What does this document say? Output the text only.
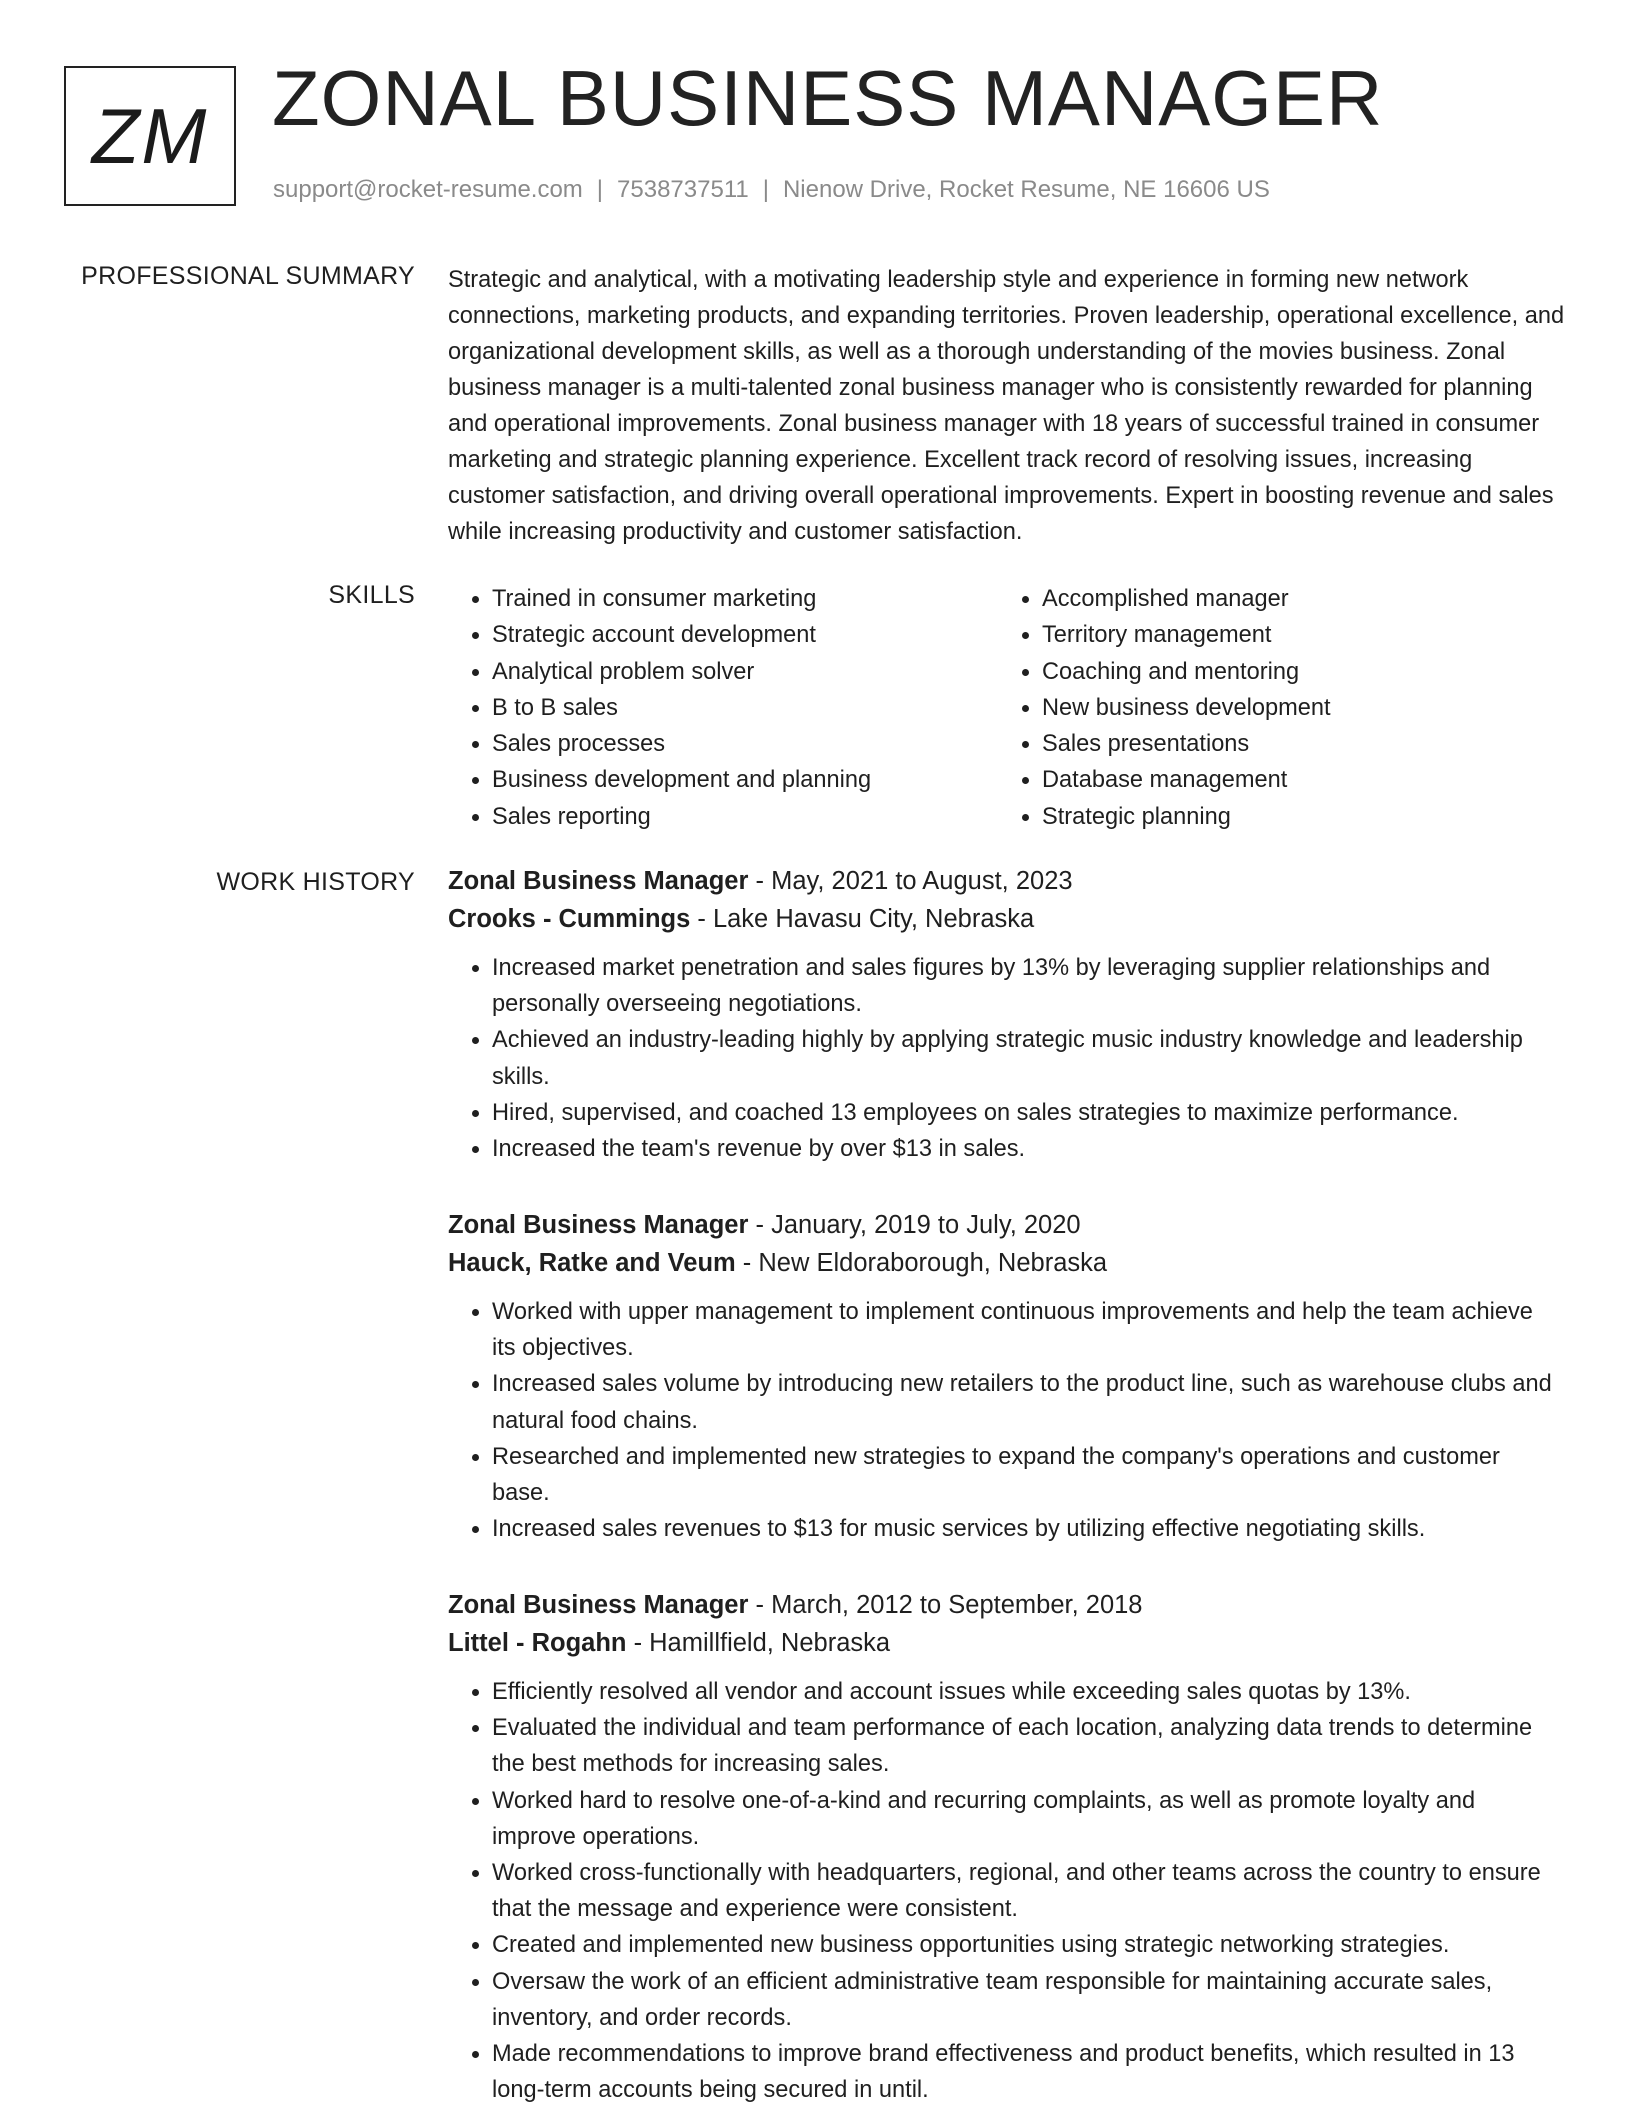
ZM ZONAL BUSINESS MANAGER
support@rocket-resume.com | 7538737511 | Nienow Drive, Rocket Resume, NE 16606 US
PROFESSIONAL SUMMARY Strategic and analytical, with a motivating leadership style and experience in forming new network connections, marketing products, and expanding territories. Proven leadership, operational excellence, and organizational development skills, as well as a thorough understanding of the movies business. Zonal business manager is a multi-talented zonal business manager who is consistently rewarded for planning and operational improvements. Zonal business manager with 18 years of successful trained in consumer marketing and strategic planning experience. Excellent track record of resolving issues, increasing customer satisfaction, and driving overall operational improvements. Expert in boosting revenue and sales while increasing productivity and customer satisfaction.

SKILLS
•	Trained in consumer marketing
• Strategic account development
• Analytical problem solver
• B to B sales
• Sales processes
• Business development and planning
• Sales reporting
• Accomplished manager
• Territory management
• Coaching and mentoring
• New business development
• Sales presentations
• Database management
• Strategic planning
WORK HISTORY Zonal Business Manager - May, 2021 to August, 2023
Crooks - Cummings - Lake Havasu City, Nebraska
• Increased market penetration and sales figures by 13% by leveraging supplier relationships and personally overseeing negotiations.
• Achieved an industry-leading highly by applying strategic music industry knowledge and leadership skills.
• Hired, supervised, and coached 13 employees on sales strategies to maximize performance.
• Increased the team's revenue by over $13 in sales.
Zonal Business Manager - January, 2019 to July, 2020
Hauck, Ratke and Veum - New Eldoraborough, Nebraska
• Worked with upper management to implement continuous improvements and help the team achieve its objectives.
• Increased sales volume by introducing new retailers to the product line, such as warehouse clubs and natural food chains.
• Researched and implemented new strategies to expand the company's operations and customer base.
• Increased sales revenues to $13 for music services by utilizing effective negotiating skills.
Zonal Business Manager - March, 2012 to September, 2018
Littel - Rogahn - Hamillfield, Nebraska
• Efficiently resolved all vendor and account issues while exceeding sales quotas by 13%.
• Evaluated the individual and team performance of each location, analyzing data trends to determine the best methods for increasing sales.
• Worked hard to resolve one-of-a-kind and recurring complaints, as well as promote loyalty and improve operations.
• Worked cross-functionally with headquarters, regional, and other teams across the country to ensure that the message and experience were consistent.
• Created and implemented new business opportunities using strategic networking strategies.
• Oversaw the work of an efficient administrative team responsible for maintaining accurate sales, inventory, and order records.
• Made recommendations to improve brand effectiveness and product benefits, which resulted in 13 long-term accounts being secured in until.
